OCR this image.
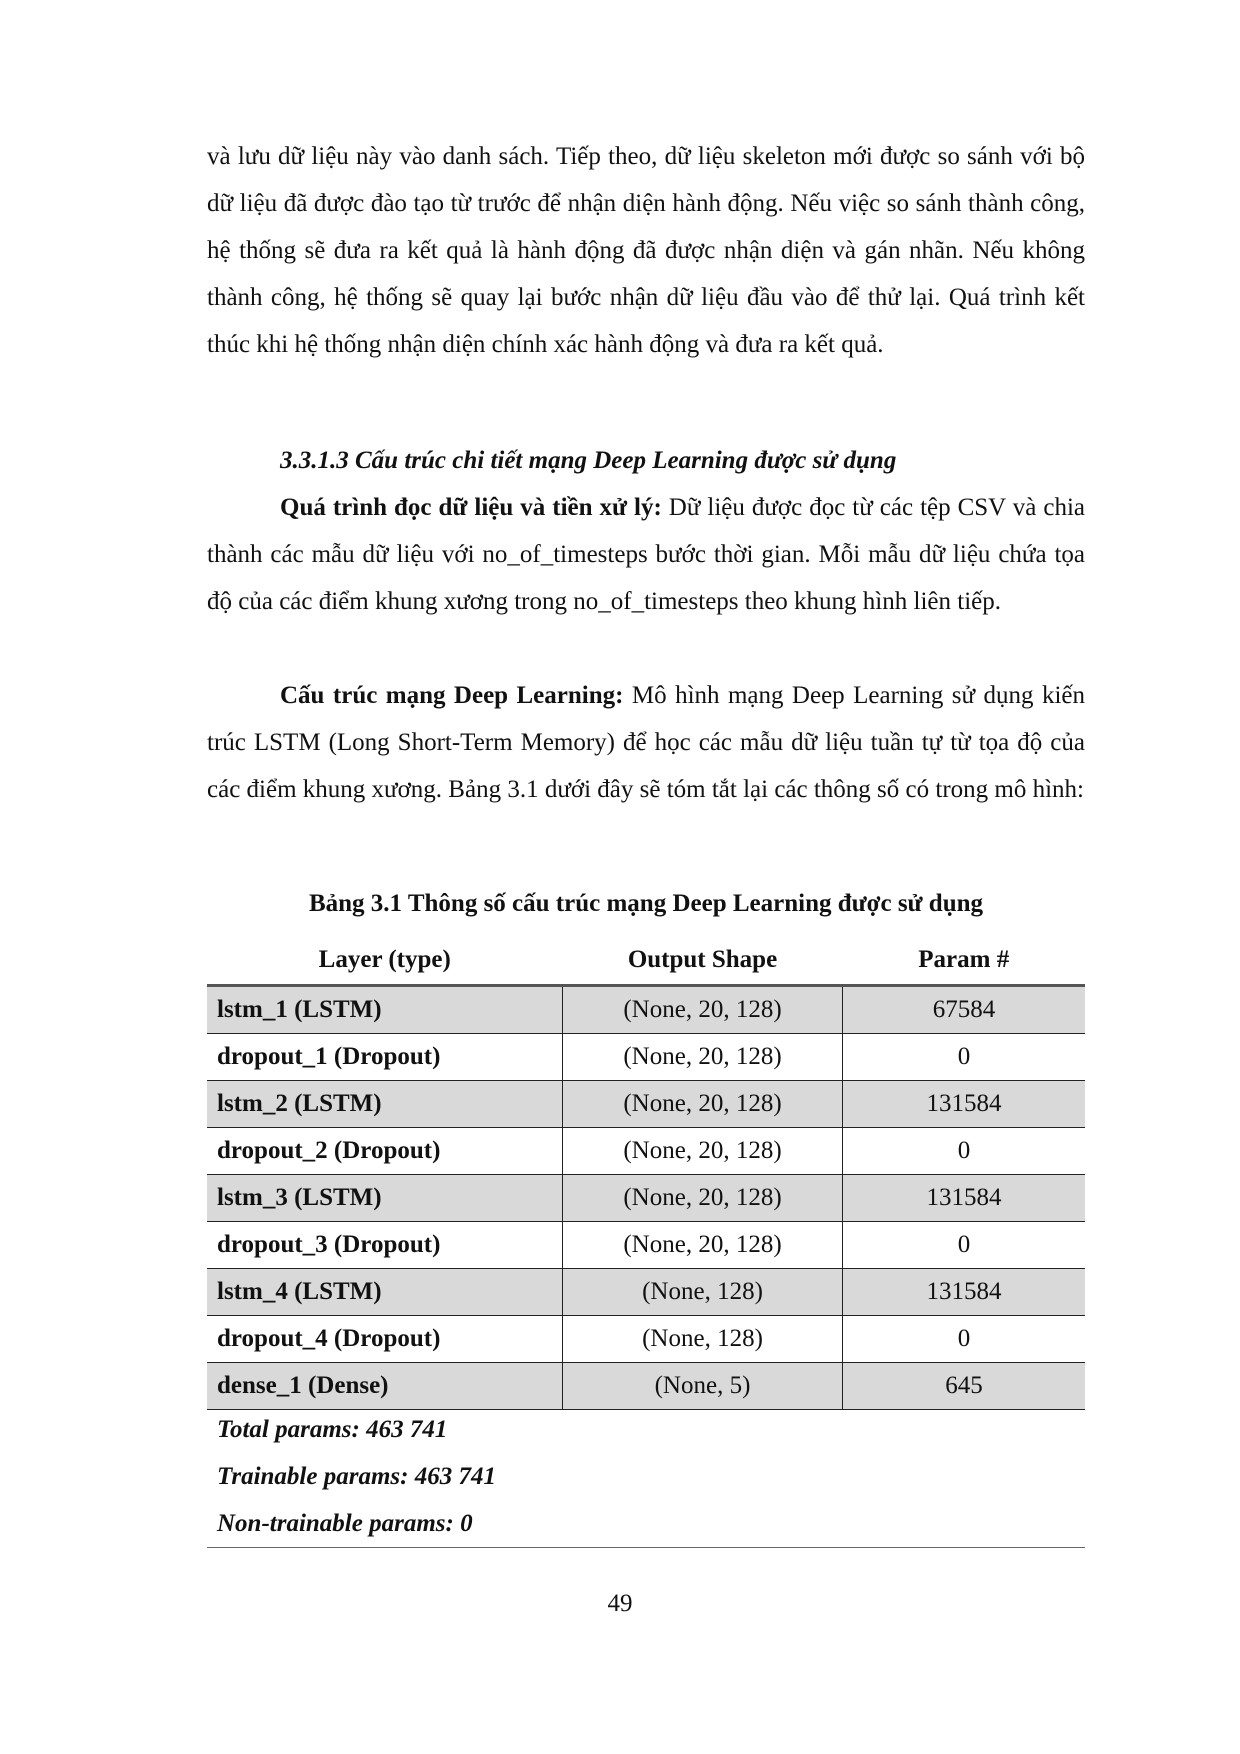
và lưu dữ liệu này vào danh sách. Tiếp theo, dữ liệu skeleton mới được so sánh với bộ dữ liệu đã được đào tạo từ trước để nhận diện hành động. Nếu việc so sánh thành công, hệ thống sẽ đưa ra kết quả là hành động đã được nhận diện và gán nhãn. Nếu không thành công, hệ thống sẽ quay lại bước nhận dữ liệu đầu vào để thử lại. Quá trình kết thúc khi hệ thống nhận diện chính xác hành động và đưa ra kết quả.

3.3.1.3 Cấu trúc chi tiết mạng Deep Learning được sử dụng

Quá trình đọc dữ liệu và tiền xử lý: Dữ liệu được đọc từ các tệp CSV và chia thành các mẫu dữ liệu với no_of_timesteps bước thời gian. Mỗi mẫu dữ liệu chứa tọa độ của các điểm khung xương trong no_of_timesteps theo khung hình liên tiếp.

Cấu trúc mạng Deep Learning: Mô hình mạng Deep Learning sử dụng kiến trúc LSTM (Long Short-Term Memory) để học các mẫu dữ liệu tuần tự từ tọa độ của các điểm khung xương. Bảng 3.1 dưới đây sẽ tóm tắt lại các thông số có trong mô hình:

Bảng 3.1 Thông số cấu trúc mạng Deep Learning được sử dụng

Layer (type)	Output Shape	Param #
lstm_1 (LSTM)	(None, 20, 128)	67584
dropout_1 (Dropout)	(None, 20, 128)	0
lstm_2 (LSTM)	(None, 20, 128)	131584
dropout_2 (Dropout)	(None, 20, 128)	0
lstm_3 (LSTM)	(None, 20, 128)	131584
dropout_3 (Dropout)	(None, 20, 128)	0
lstm_4 (LSTM)	(None, 128)	131584
dropout_4 (Dropout)	(None, 128)	0
dense_1 (Dense)	(None, 5)	645

Total params: 463 741

Trainable params: 463 741

Non-trainable params: 0

49
